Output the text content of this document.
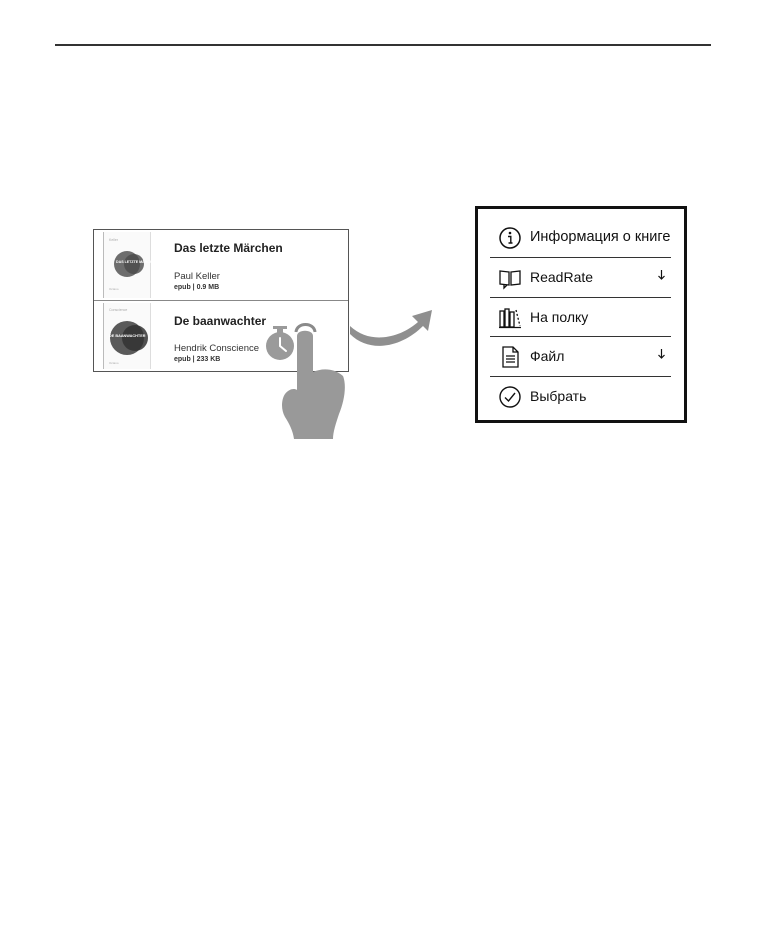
Keller
DAS LETZTE MÄRCHEN
Octavo
Das letzte Märchen
Paul Keller
epub | 0.9 MB
Conscience
DE BAANWACHTER
Octavo
De baanwachter
Hendrik Conscience
epub | 233 KB
Информация о книге
ReadRate
На полку
Файл
Выбрать
